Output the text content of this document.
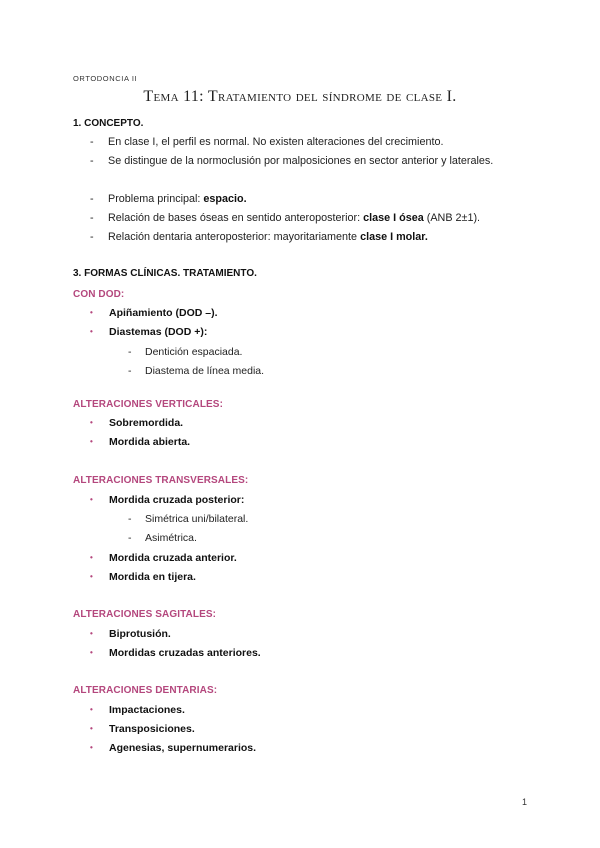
ORTODONCIA II
Tema 11: Tratamiento del síndrome de clase I.
1. CONCEPTO.
- En clase I, el perfil es normal. No existen alteraciones del crecimiento.
- Se distingue de la normoclusión por malposiciones en sector anterior y laterales.
- Problema principal: espacio.
- Relación de bases óseas en sentido anteroposterior: clase I ósea (ANB 2±1).
- Relación dentaria anteroposterior: mayoritariamente clase I molar.
3. FORMAS CLÍNICAS. TRATAMIENTO.
CON DOD:
• Apiñamiento (DOD –).
• Diastemas (DOD +):
- Dentición espaciada.
- Diastema de línea media.
ALTERACIONES VERTICALES:
• Sobremordida.
• Mordida abierta.
ALTERACIONES TRANSVERSALES:
• Mordida cruzada posterior:
- Simétrica uni/bilateral.
- Asimétrica.
• Mordida cruzada anterior.
• Mordida en tijera.
ALTERACIONES SAGITALES:
• Biprotusión.
• Mordidas cruzadas anteriores.
ALTERACIONES DENTARIAS:
• Impactaciones.
• Transposiciones.
• Agenesias, supernumerarios.
1
